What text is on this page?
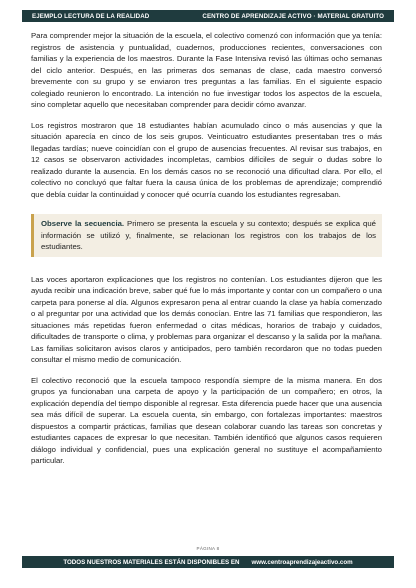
EJEMPLO LECTURA DE LA REALIDAD	CENTRO DE APRENDIZAJE ACTIVO · MATERIAL GRATUITO

Para comprender mejor la situación de la escuela, el colectivo comenzó con información que ya tenía: registros de asistencia y puntualidad, cuadernos, producciones recientes, conversaciones con familias y la experiencia de los maestros. Durante la Fase Intensiva revisó las últimas ocho semanas del ciclo anterior. Después, en las primeras dos semanas de clase, cada maestro conversó brevemente con su grupo y se enviaron tres preguntas a las familias. En el siguiente espacio colegiado reunieron lo encontrado. La intención no fue investigar todos los aspectos de la escuela, sino completar aquello que necesitaban comprender para decidir cómo avanzar.

Los registros mostraron que 18 estudiantes habían acumulado cinco o más ausencias y que la situación aparecía en cinco de los seis grupos. Veinticuatro estudiantes presentaban tres o más llegadas tardías; nueve coincidían con el grupo de ausencias frecuentes. Al revisar sus trabajos, en 12 casos se observaron actividades incompletas, cambios difíciles de seguir o dudas sobre lo realizado durante la ausencia. En los demás casos no se reconoció una dificultad clara. Por ello, el colectivo no concluyó que faltar fuera la causa única de los problemas de aprendizaje; comprendió que debía cuidar la continuidad y conocer qué ocurría cuando los estudiantes regresaban.

Observe la secuencia. Primero se presenta la escuela y su contexto; después se explica qué información se utilizó y, finalmente, se relacionan los registros con los trabajos de los estudiantes.

Las voces aportaron explicaciones que los registros no contenían. Los estudiantes dijeron que les ayuda recibir una indicación breve, saber qué fue lo más importante y contar con un compañero o una carpeta para ponerse al día. Algunos expresaron pena al entrar cuando la clase ya había comenzado o al preguntar por una actividad que los demás conocían. Entre las 71 familias que respondieron, las situaciones más repetidas fueron enfermedad o citas médicas, horarios de trabajo y cuidados, dificultades de transporte o clima, y problemas para organizar el descanso y la salida por la mañana. Las familias solicitaron avisos claros y anticipados, pero también recordaron que no todas pueden consultar el mismo medio de comunicación.

El colectivo reconoció que la escuela tampoco respondía siempre de la misma manera. En dos grupos ya funcionaban una carpeta de apoyo y la participación de un compañero; en otros, la explicación dependía del tiempo disponible al regresar. Esta diferencia puede hacer que una ausencia sea más difícil de superar. La escuela cuenta, sin embargo, con fortalezas importantes: maestros dispuestos a compartir prácticas, familias que desean colaborar cuando las tareas son concretas y estudiantes capaces de expresar lo que necesitan. También identificó que algunos casos requieren diálogo individual y confidencial, pues una explicación general no sustituye el acompañamiento particular.

PÁGINA 8
TODOS NUESTROS MATERIALES ESTÁN DISPONIBLES EN www.centroaprendizajeactivo.com
